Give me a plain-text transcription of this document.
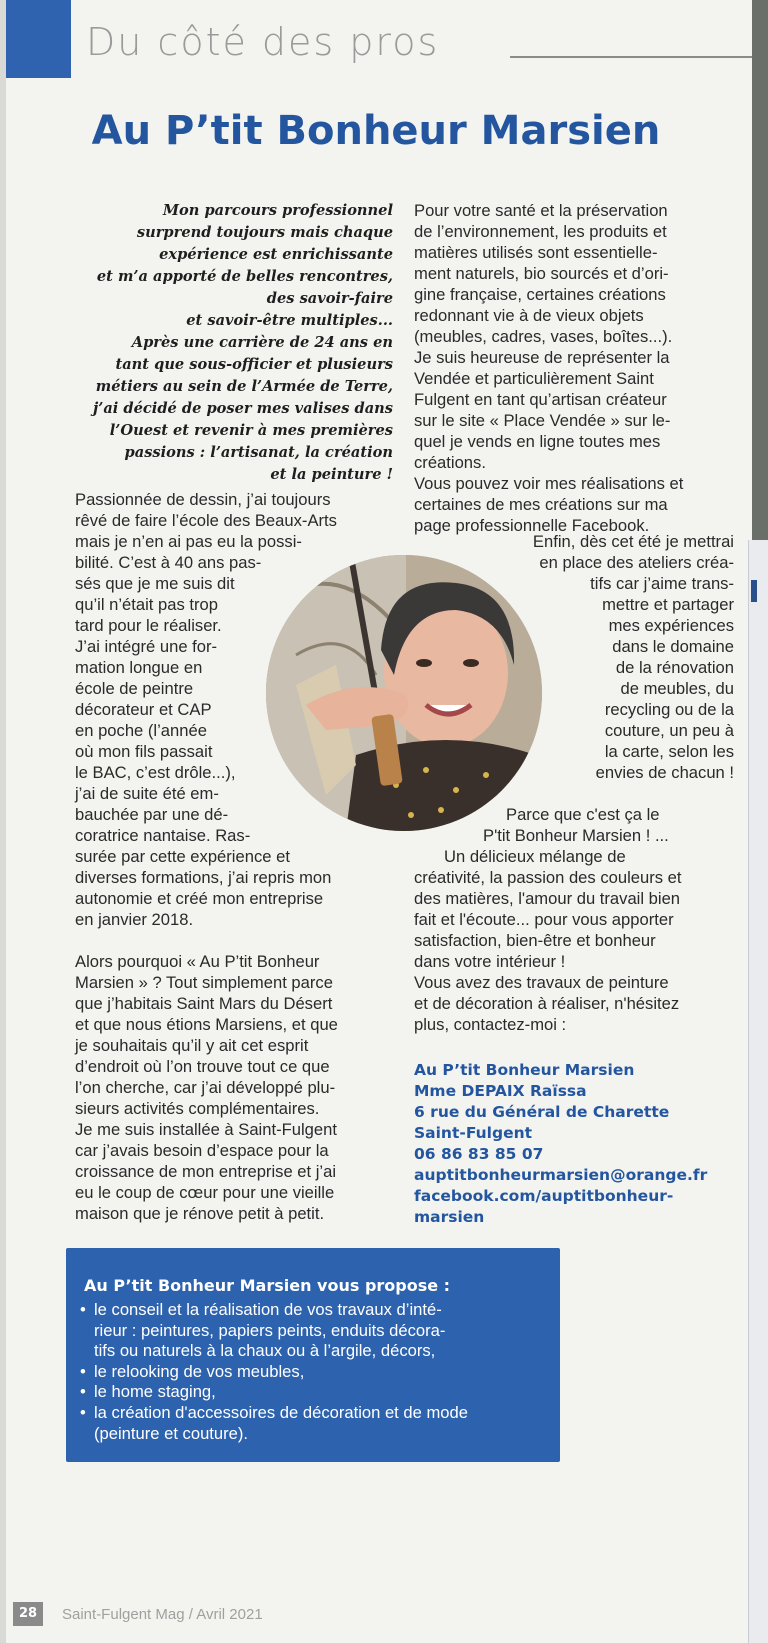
Du côté des pros
Au P’tit Bonheur Marsien
Mon parcours professionnel
surprend toujours mais chaque
expérience est enrichissante
et m’a apporté de belles rencontres,
des savoir-faire
et savoir-être multiples...
Après une carrière de 24 ans en
tant que sous-officier et plusieurs
métiers au sein de l’Armée de Terre,
j’ai décidé de poser mes valises dans
l’Ouest et revenir à mes premières
passions : l’artisanat, la création
et la peinture !
Passionnée de dessin, j’ai toujours
rêvé de faire l’école des Beaux-Arts
mais je n’en ai pas eu la possi-
bilité. C’est à 40 ans pas-
sés que je me suis dit
qu’il n’était pas trop
tard pour le réaliser.
J’ai intégré une for-
mation longue en
école de peintre
décorateur et CAP
en poche (l’année
où mon fils passait
le BAC, c’est drôle...),
j’ai de suite été em-
bauchée par une dé-
coratrice nantaise. Ras-
surée par cette expérience et
diverses formations, j’ai repris mon
autonomie et créé mon entreprise
en janvier 2018.
Alors pourquoi « Au P’tit Bonheur
Marsien » ? Tout simplement parce
que j’habitais Saint Mars du Désert
et que nous étions Marsiens, et que
je souhaitais qu’il y ait cet esprit
d’endroit où l’on trouve tout ce que
l’on cherche, car j’ai développé plu-
sieurs activités complémentaires.
Je me suis installée à Saint-Fulgent
car j’avais besoin d’espace pour la
croissance de mon entreprise et j’ai
eu le coup de cœur pour une vieille
maison que je rénove petit à petit.
Pour votre santé et la préservation
de l’environnement, les produits et
matières utilisés sont essentielle-
ment naturels, bio sourcés et d’ori-
gine française, certaines créations
redonnant vie à de vieux objets
(meubles, cadres, vases, boîtes...).
Je suis heureuse de représenter la
Vendée et particulièrement Saint
Fulgent en tant qu’artisan créateur
sur le site « Place Vendée » sur le-
quel je vends en ligne toutes mes
créations.
Vous pouvez voir mes réalisations et
certaines de mes créations sur ma
page professionnelle Facebook.
Enfin, dès cet été je mettrai
en place des ateliers créa-
tifs car j’aime trans-
mettre et partager
mes expériences
dans le domaine
de la rénovation
de meubles, du
recycling ou de la
couture, un peu à
la carte, selon les
envies de chacun !
Parce que c'est ça le
P'tit Bonheur Marsien ! ...
Un délicieux mélange de
créativité, la passion des couleurs et
des matières, l'amour du travail bien
fait et l'écoute... pour vous apporter
satisfaction, bien-être et bonheur
dans votre intérieur !
Vous avez des travaux de peinture
et de décoration à réaliser, n'hésitez
plus, contactez-moi :
Au P’tit Bonheur Marsien
Mme DEPAIX Raïssa
6 rue du Général de Charette
Saint-Fulgent
06 86 83 85 07
auptitbonheurmarsien@orange.fr
facebook.com/auptitbonheur-
marsien
Au P’tit Bonheur Marsien vous propose :
• le conseil et la réalisation de vos travaux d’inté-
rieur : peintures, papiers peints, enduits décora-
tifs ou naturels à la chaux ou à l’argile, décors,
• le relooking de vos meubles,
• le home staging,
• la création d'accessoires de décoration et de mode
(peinture et couture).
28	Saint-Fulgent Mag / Avril 2021
